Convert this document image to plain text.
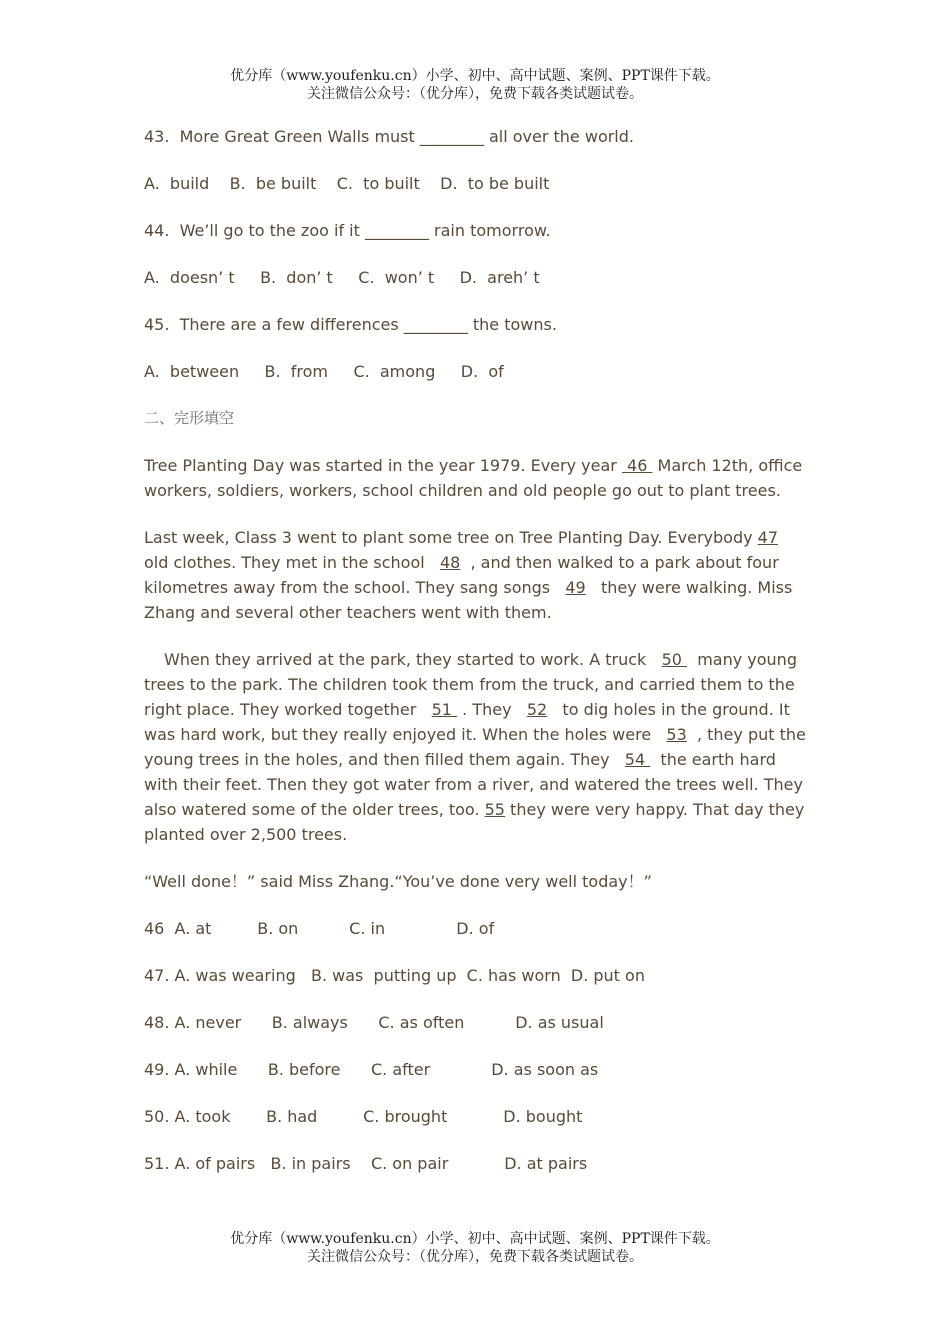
优分库（www.youfenku.cn）小学、初中、高中试题、案例、PPT课件下载。
关注微信公众号：（优分库），免费下载各类试题试卷。

43.  More Great Green Walls must ________ all over the world.

A.  build    B.  be built    C.  to built    D.  to be built

44.  We’ll go to the zoo if it ________ rain tomorrow.

A.  doesn’ t     B.  don’ t     C.  won’ t     D.  areh’ t

45.  There are a few differences ________ the towns.

A.  between     B.  from     C.  among     D.  of

二、完形填空

Tree Planting Day was started in the year 1979. Every year  46  March 12th, office workers, soldiers, workers, school children and old people go out to plant trees.

Last week, Class 3 went to plant some tree on Tree Planting Day. Everybody 47   old clothes. They met in the school   48  , and then walked to a park about four kilometres away from the school. They sang songs   49   they were walking. Miss Zhang and several other teachers went with them.

When they arrived at the park, they started to work. A truck   50   many young trees to the park. The children took them from the truck, and carried them to the right place. They worked together   51  . They   52   to dig holes in the ground. It was hard work, but they really enjoyed it. When the holes were   53  , they put the young trees in the holes, and then filled them again. They   54   the earth hard with their feet. Then they got water from a river, and watered the trees well. They also watered some of the older trees, too. 55 they were very happy. That day they planted over 2,500 trees.

“Well done！” said Miss Zhang.“You’ve done very well today！”

46  A. at         B. on          C. in              D. of

47. A. was wearing   B. was  putting up  C. has worn  D. put on

48. A. never      B. always      C. as often          D. as usual

49. A. while      B. before      C. after            D. as soon as

50. A. took       B. had         C. brought           D. bought

51. A. of pairs   B. in pairs    C. on pair           D. at pairs

优分库（www.youfenku.cn）小学、初中、高中试题、案例、PPT课件下载。
关注微信公众号：（优分库），免费下载各类试题试卷。
